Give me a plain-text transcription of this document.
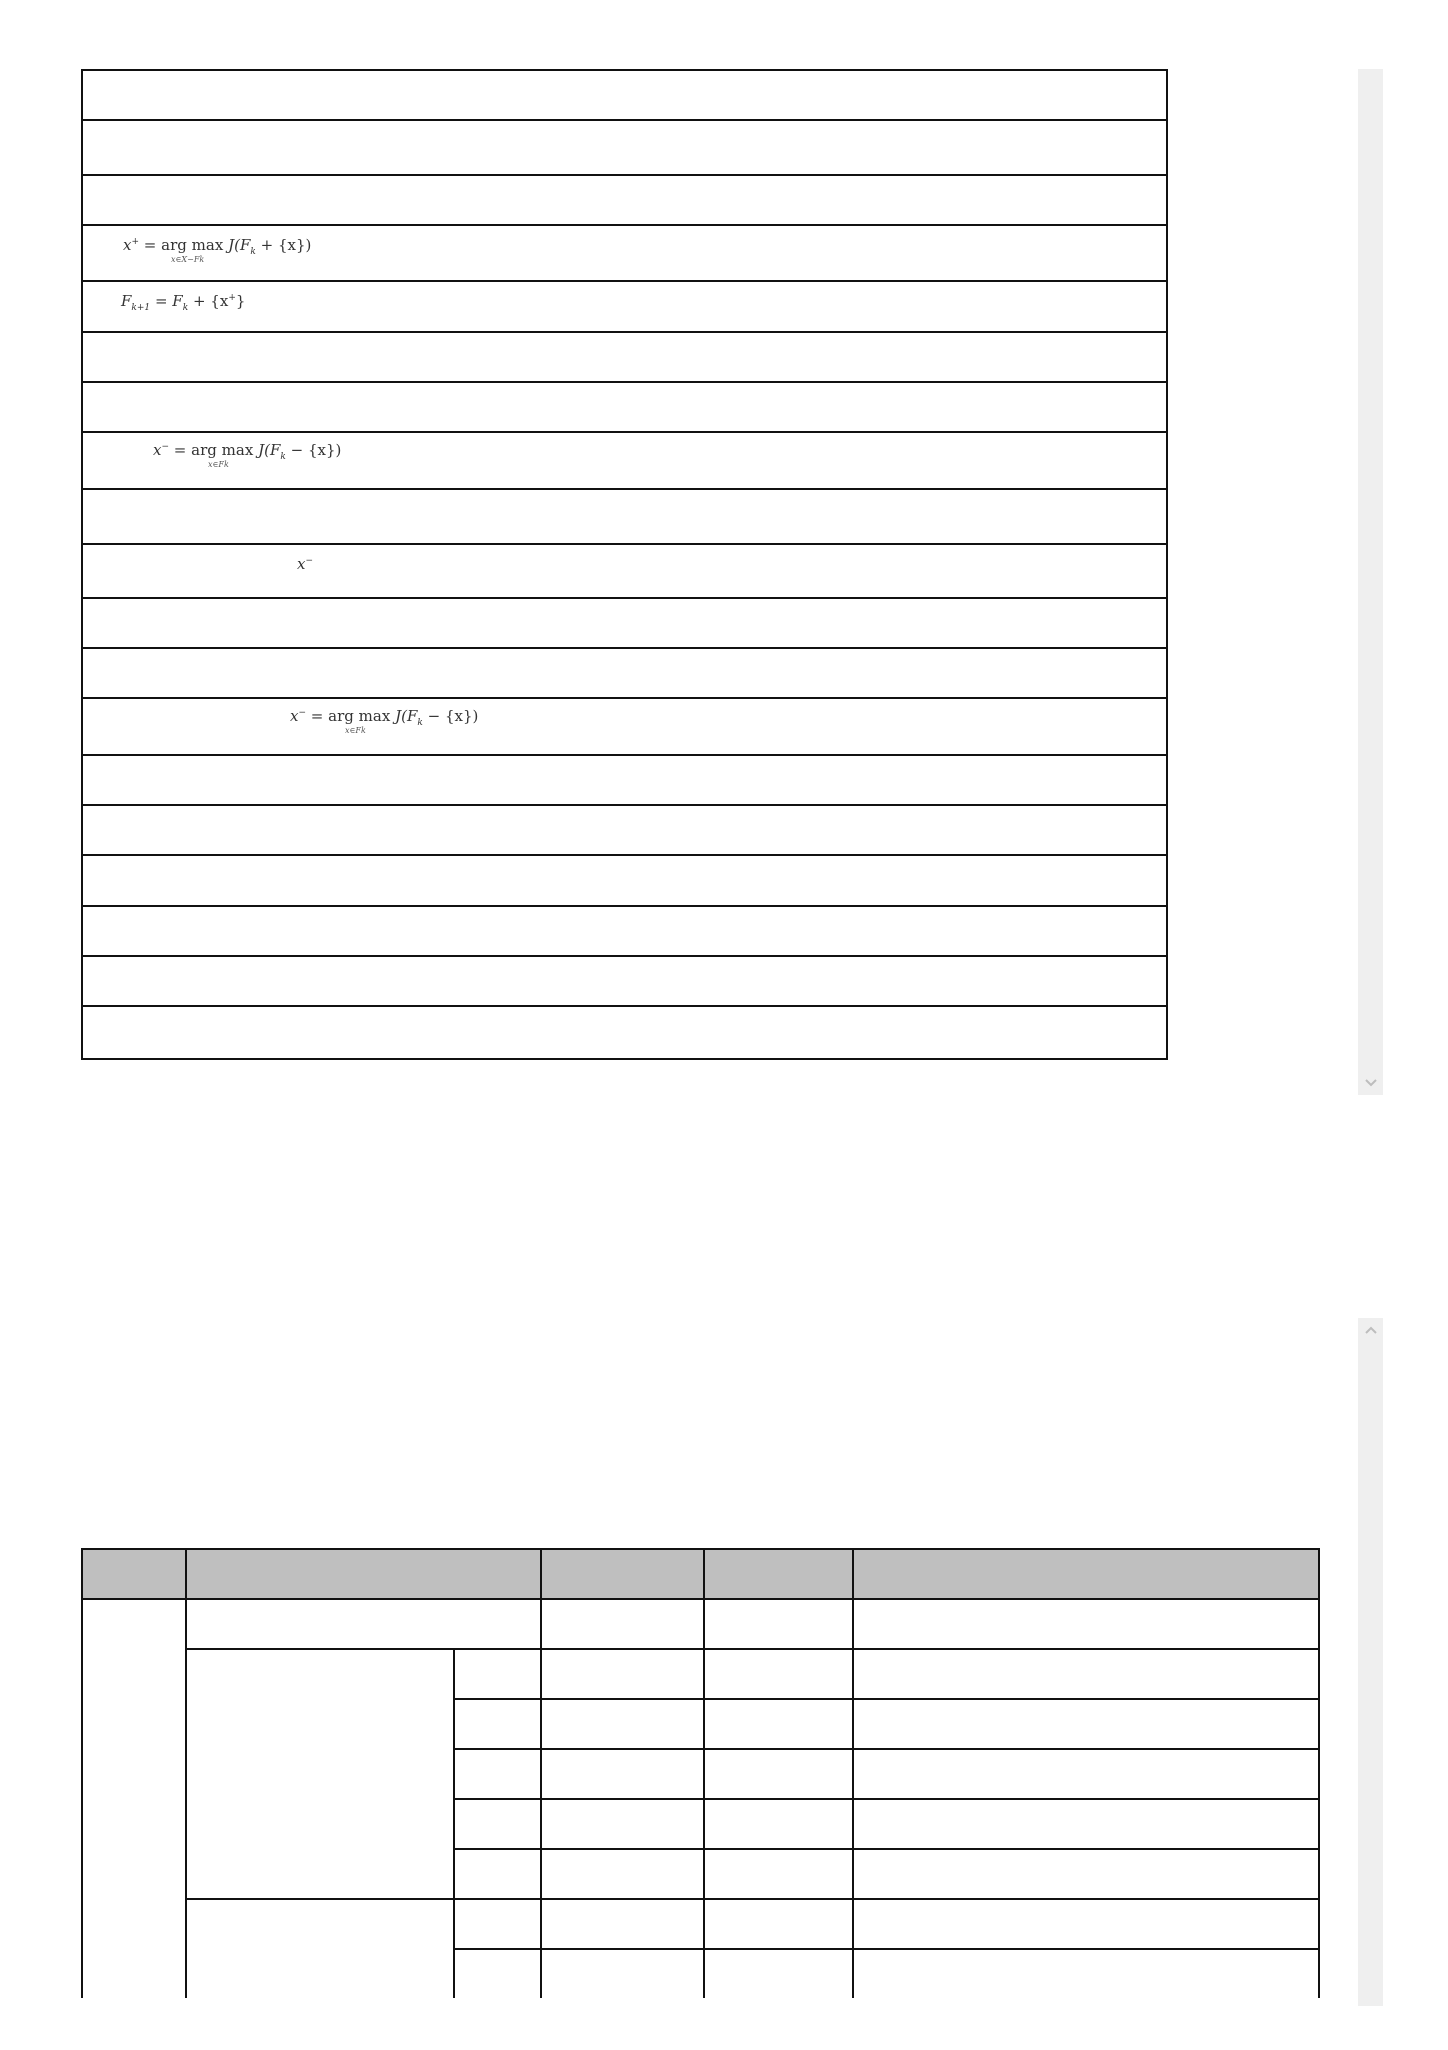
x+ = arg $\max J(F_k + \{x\})$
x∈X−Fk

$F_{k+1} = F_k + \{x^+\}$

x− = arg $\max J(F_k - \{x\})$
x∈Fk

x−

x− = arg $\max J(F_k - \{x\})$
x∈Fk
